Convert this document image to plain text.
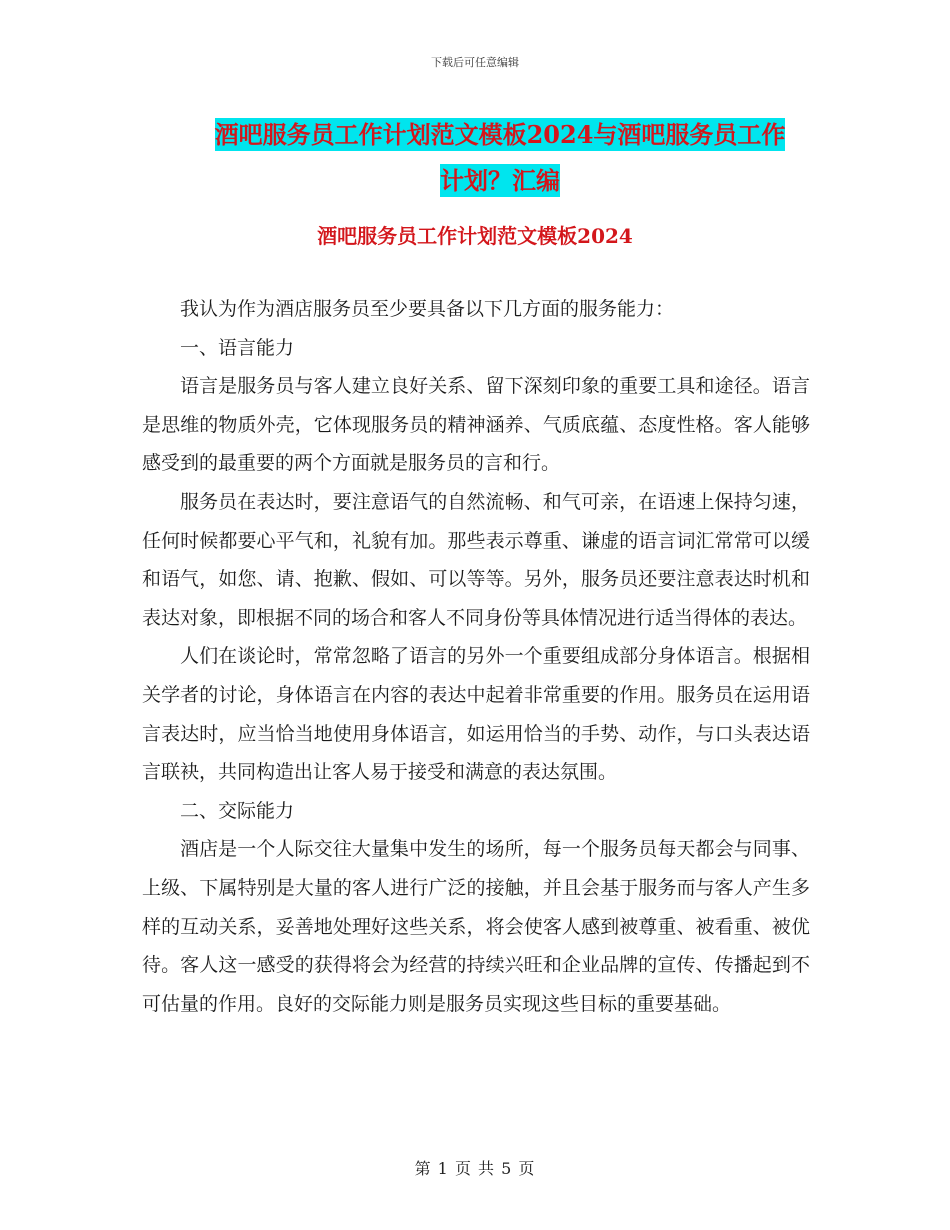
下载后可任意编辑
酒吧服务员工作计划范文模板2024与酒吧服务员工作
计划？汇编
酒吧服务员工作计划范文模板2024

我认为作为酒店服务员至少要具备以下几方面的服务能力：

一、语言能力

语言是服务员与客人建立良好关系、留下深刻印象的重要工具和途径。语言是思维的物质外壳，它体现服务员的精神涵养、气质底蕴、态度性格。客人能够感受到的最重要的两个方面就是服务员的言和行。

服务员在表达时，要注意语气的自然流畅、和气可亲，在语速上保持匀速，任何时候都要心平气和，礼貌有加。那些表示尊重、谦虚的语言词汇常常可以缓和语气，如您、请、抱歉、假如、可以等等。另外，服务员还要注意表达时机和表达对象，即根据不同的场合和客人不同身份等具体情况进行适当得体的表达。

人们在谈论时，常常忽略了语言的另外一个重要组成部分身体语言。根据相关学者的讨论，身体语言在内容的表达中起着非常重要的作用。服务员在运用语言表达时，应当恰当地使用身体语言，如运用恰当的手势、动作，与口头表达语言联袂，共同构造出让客人易于接受和满意的表达氛围。

二、交际能力

酒店是一个人际交往大量集中发生的场所，每一个服务员每天都会与同事、上级、下属特别是大量的客人进行广泛的接触，并且会基于服务而与客人产生多样的互动关系，妥善地处理好这些关系，将会使客人感到被尊重、被看重、被优待。客人这一感受的获得将会为经营的持续兴旺和企业品牌的宣传、传播起到不可估量的作用。良好的交际能力则是服务员实现这些目标的重要基础。

第 1 页 共 5 页
